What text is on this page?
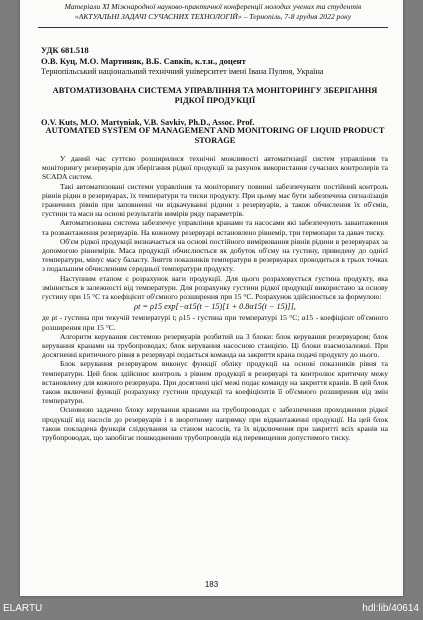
Матеріали ХІ Міжнародної науково-практичної конференції молодих учених та студентів
«АКТУАЛЬНІ ЗАДАЧІ СУЧАСНИХ ТЕХНОЛОГІЙ» – Тернопіль, 7-8 грудня 2022 року
УДК 681.518
О.В. Куц, М.О. Мартиняк, В.Б. Савків, к.т.н., доцент
Тернопільський національний технічний університет імені Івана Пулюя, Україна
АВТОМАТИЗОВАНА СИСТЕМА УПРАВЛІННЯ ТА МОНІТОРИНГУ ЗБЕРІГАННЯ РІДКОЇ ПРОДУКЦІЇ
O.V. Kuts, M.O. Martyniak, V.B. Savkiv, Ph.D., Assoc. Prof.
AUTOMATED SYSTEM OF MANAGEMENT AND MONITORING OF LIQUID PRODUCT STORAGE

У даний час суттєво розширилися технічні можливості автоматизації систем управління та моніторингу резервуарів для зберігання рідкої продукції за рахунок використання сучасних контролерів та SCADA систем.

Такі автоматизовані системи управління та моніторингу повинні забезпечувати постійний контроль рівнів рідин в резервуарах, їх температури та тиски продукту. При цьому має бути забезпечена сигналізація граничних рівнів при заповненні чи відкачуванні рідини з резервуарів, а також обчислення їх об'ємів, густини та маси на основі результатів вимірів ряду параметрів.

Автоматизована система забезпечує управління кранами та насосами які забезпечують завантаження та розвантаження резервуарів. На кожному резервуарі встановлено рівнемір, три термопари та давач тиску.

Об'єм рідкої продукції визначається на основі постійного вимірювання рівнів рідини в резервуарах за допомогою рівнемірів. Маса продукції обчислюється як добуток об'єму на густину, приведену до однієї температури, мінус масу баласту. Зняття показників температури в резервуарах проводиться в трьох точках з подальшим обчисленням середньої температури продукту.

Наступним етапом є розрахунок ваги продукції. Для цього розраховується густина продукту, яка змінюється в залежності від температури. Для розрахунку густини рідкої продукції використано за основу густину при 15 °С та коефіцієнт об'ємного розширення при 15 °С. Розрахунок здійснюється за формулою:

ρt = ρ15 exp[−α15(t − 15)[1 + 0.8α15(t − 15)]],

де ρt - густина при текучій температурі t; ρ15 - густина при температурі 15 °С; α15 - коефіцієнт об'ємного розширення при 15 °С.

Алгоритм керування системою резервуарів розбитий на 3 блоки: блок керування резервуаром; блок керування кранами на трубопроводах; блок керування насосною станцією. Ці блоки взаємозалежні. При досягненні критичного рівня в резервуарі подається команда на закриття крана подачі продукту до нього.

Блок керування резервуаром виконує функції обліку продукції на основі показників рівня та температури. Цей блок здійснює контроль з рівнем продукції в резервуарі та контролює критичну межу встановлену для кожного резервуара. При досягнені цієї межі подає команду на закриття кранів. В цей блок також включені функції розрахунку густини продукції та коефіцієнтів її об'ємного розширення від змін температури.

Основною задачею блоку керування кранами на трубопроводах є забезпечення проходження рідкої продукції від насосів до резервуарів і в зворотному напрямку при відвантаженні продукції. На цей блок також покладена функція слідкування за станом насосів, та їх відключення при закритті всіх кранів на трубопроводах, що запобігає пошкодженню трубопроводів від перевищення допустимого тиску.

183
ELARTU	hdl:lib/40614
